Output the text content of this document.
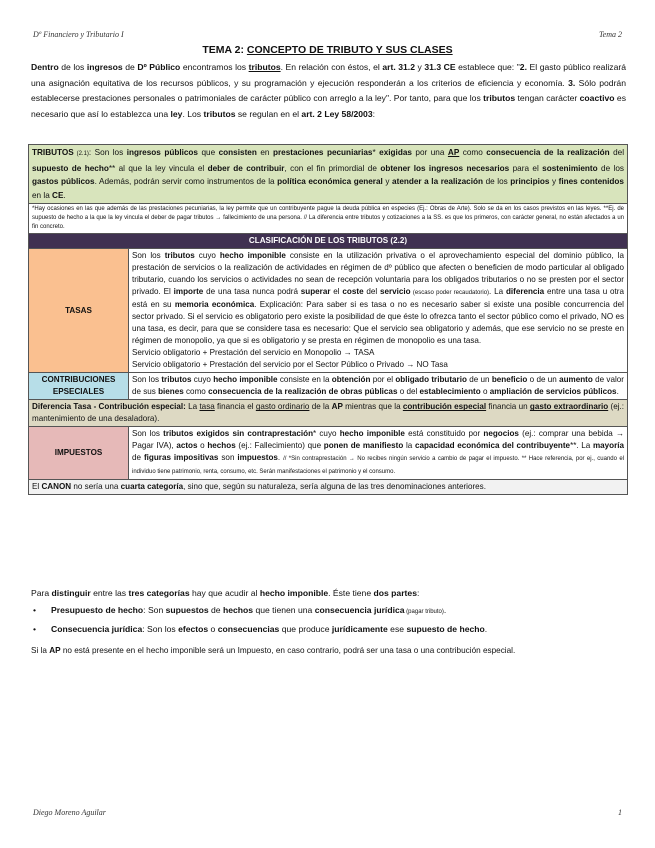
Dº Financiero y Tributario I	Tema 2
TEMA 2: CONCEPTO DE TRIBUTO Y SUS CLASES
Dentro de los ingresos de Dº Público encontramos los tributos. En relación con éstos, el art. 31.2 y 31.3 CE establece que: "2. El gasto público realizará una asignación equitativa de los recursos públicos, y su programación y ejecución responderán a los criterios de eficiencia y economía. 3. Sólo podrán establecerse prestaciones personales o patrimoniales de carácter público con arreglo a la ley". Por tanto, para que los tributos tengan carácter coactivo es necesario que así lo establezca una ley. Los tributos se regulan en el art. 2 Ley 58/2003:
TRIBUTOS (2.1): Son los ingresos públicos que consisten en prestaciones pecuniarias* exigidas por una AP como consecuencia de la realización del supuesto de hecho** al que la ley vincula el deber de contribuir, con el fin primordial de obtener los ingresos necesarios para el sostenimiento de los gastos públicos. Además, podrán servir como instrumentos de la política económica general y atender a la realización de los principios y fines contenidos en la CE.	
*Hay ocasiones en las que además de las prestaciones pecuniarias, la ley permite que un contribuyente pague la deuda pública en especies (Ej.: Obras de Arte). Solo se da en los casos previstos en las leyes. **Ej. de supuesto de hecho a la que la ley vincula el deber de pagar tributos → fallecimiento de una persona. // La diferencia entre tributos y cotizaciones a la SS. es que los primeros, con carácter general, no están afectados a un fin concreto.	
CLASIFICACIÓN DE LOS TRIBUTOS (2.2)	
TASAS	Son los tributos cuyo hecho imponible consiste en la utilización privativa o el aprovechamiento especial del dominio público, la prestación de servicios o la realización de actividades en régimen de dº público que afecten o beneficien de modo particular al obligado tributario, cuando los servicios o actividades no sean de recepción voluntaria para los obligados tributarios o no se presten por el sector privado. El importe de una tasa nunca podrá superar el coste del servicio (escaso poder recaudatorio). La diferencia entre una tasa u otra está en su memoria económica. Explicación: Para saber si es tasa o no es necesario saber si existe una posible concurrencia del sector privado. Si el servicio es obligatorio pero existe la posibilidad de que éste lo ofrezca tanto el sector público como el privado, NO es una tasa, es decir, para que se considere tasa es necesario: Que el servicio sea obligatorio y además, que ese servicio no se preste en régimen de monopolio, ya que si es obligatorio y se presta en régimen de monopolio es una tasa.
Servicio obligatorio + Prestación del servicio en Monopolio → TASA
Servicio obligatorio + Prestación del servicio por el Sector Público o Privado → NO Tasa
CONTRIBUCIONES EPSECIALES	Son los tributos cuyo hecho imponible consiste en la obtención por el obligado tributario de un beneficio o de un aumento de valor de sus bienes como consecuencia de la realización de obras públicas o del establecimiento o ampliación de servicios públicos.
Diferencia Tasa - Contribución especial: La tasa financia el gasto ordinario de la AP mientras que la contribución especial financia un gasto extraordinario (ej.: mantenimiento de una desaladora).	
IMPUESTOS	Son los tributos exigidos sin contraprestación* cuyo hecho imponible está constituido por negocios (ej.: comprar una bebida → Pagar IVA), actos o hechos (ej.: Fallecimiento) que ponen de manifiesto la capacidad económica del contribuyente**. La mayoría de figuras impositivas son impuestos. // *Sin contraprestación → No recibes ningún servicio a cambio de pagar el impuesto. ** Hace referencia, por ej., cuando el individuo tiene patrimonio, renta, consumo, etc. Serán manifestaciones el patrimonio y el consumo.
El CANON no sería una cuarta categoría, sino que, según su naturaleza, sería alguna de las tres denominaciones anteriores.	
Para distinguir entre las tres categorías hay que acudir al hecho imponible. Éste tiene dos partes:
• Presupuesto de hecho: Son supuestos de hechos que tienen una consecuencia jurídica (pagar tributo).
• Consecuencia jurídica: Son los efectos o consecuencias que produce jurídicamente ese supuesto de hecho.
Si la AP no está presente en el hecho imponible será un Impuesto, en caso contrario, podrá ser una tasa o una contribución especial.
Diego Moreno Aguilar	1
